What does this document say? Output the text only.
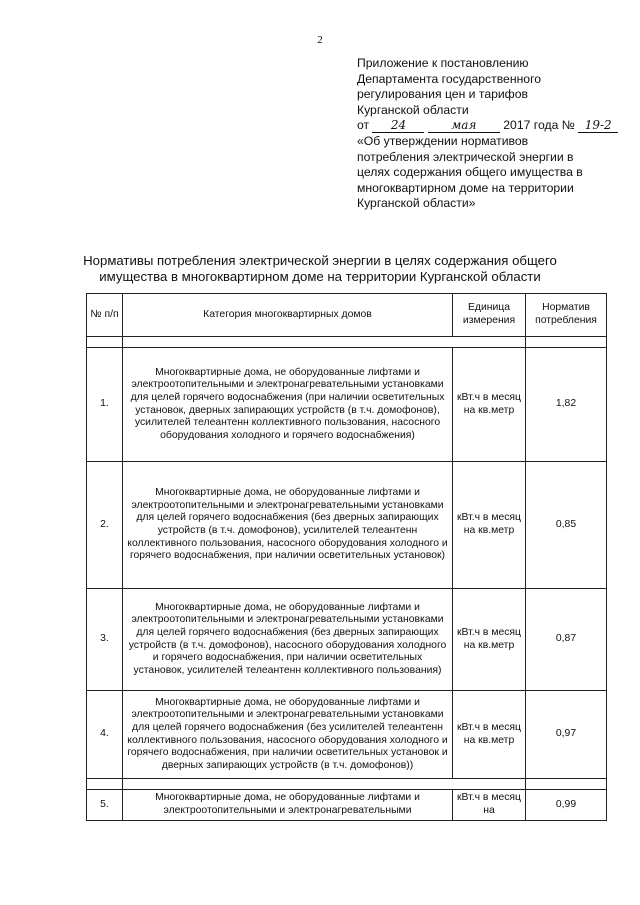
2
Приложение к постановлению
Департамента государственного
регулирования цен и тарифов
Курганской области
от 24	мая 2017 года № 19-2
«Об утверждении нормативов
потребления электрической энергии в
целях содержания общего имущества в
многоквартирном доме на территории
Курганской области»
Нормативы потребления электрической энергии в целях содержания общего
имущества в многоквартирном доме на территории Курганской области
№ п/п	Категория многоквартирных домов	Единица измерения	Норматив потребления

1.	Многоквартирные дома, не оборудованные лифтами и электроотопительными и электронагревательными установками для целей горячего водоснабжения (при наличии осветительных установок, дверных запирающих устройств (в т.ч. домофонов), усилителей телеантенн коллективного пользования, насосного оборудования холодного и горячего водоснабжения)	кВт.ч в месяц на кв.метр	1,82
2.	Многоквартирные дома, не оборудованные лифтами и электроотопительными и электронагревательными установками для целей горячего водоснабжения (без дверных запирающих устройств (в т.ч. домофонов), усилителей телеантенн коллективного пользования, насосного оборудования холодного и горячего водоснабжения, при наличии осветительных установок)	кВт.ч в месяц на кв.метр	0,85
3.	Многоквартирные дома, не оборудованные лифтами и электроотопительными и электронагревательными установками для целей горячего водоснабжения (без дверных запирающих устройств (в т.ч. домофонов), насосного оборудования холодного и горячего водоснабжения, при наличии осветительных установок, усилителей телеантенн коллективного пользования)	кВт.ч в месяц на кв.метр	0,87
4.	Многоквартирные дома, не оборудованные лифтами и электроотопительными и электронагревательными установками для целей горячего водоснабжения (без усилителей телеантенн коллективного пользования, насосного оборудования холодного и горячего водоснабжения, при наличии осветительных установок и дверных запирающих устройств (в т.ч. домофонов))	кВт.ч в месяц на кв.метр	0,97

5.	Многоквартирные дома, не оборудованные лифтами и электроотопительными и электронагревательными	кВт.ч в месяц на	0,99
